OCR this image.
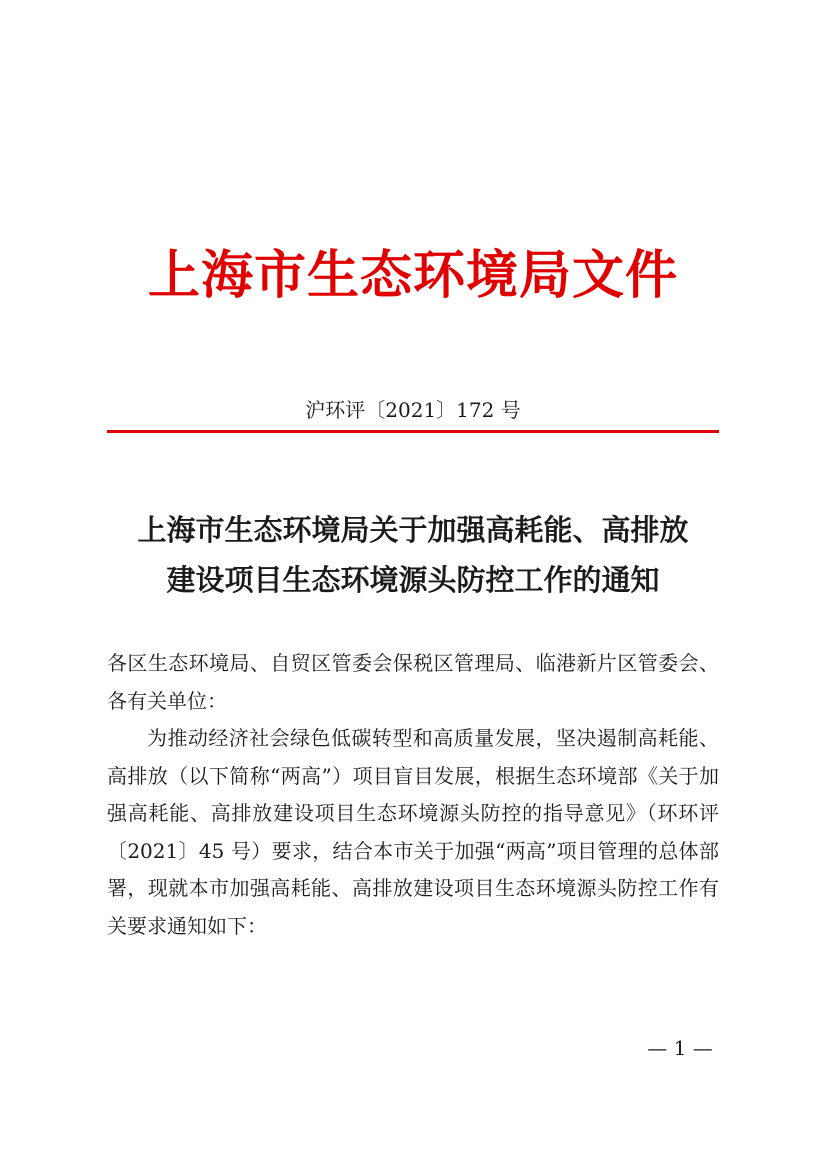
上海市生态环境局文件
沪环评〔2021〕172 号
上海市生态环境局关于加强高耗能、高排放
建设项目生态环境源头防控工作的通知

各区生态环境局、自贸区管委会保税区管理局、临港新片区管委会、各有关单位：

为推动经济社会绿色低碳转型和高质量发展，坚决遏制高耗能、高排放（以下简称“两高”）项目盲目发展，根据生态环境部《关于加强高耗能、高排放建设项目生态环境源头防控的指导意见》（环环评〔2021〕45 号）要求，结合本市关于加强“两高”项目管理的总体部署，现就本市加强高耗能、高排放建设项目生态环境源头防控工作有关要求通知如下：

— 1 —
